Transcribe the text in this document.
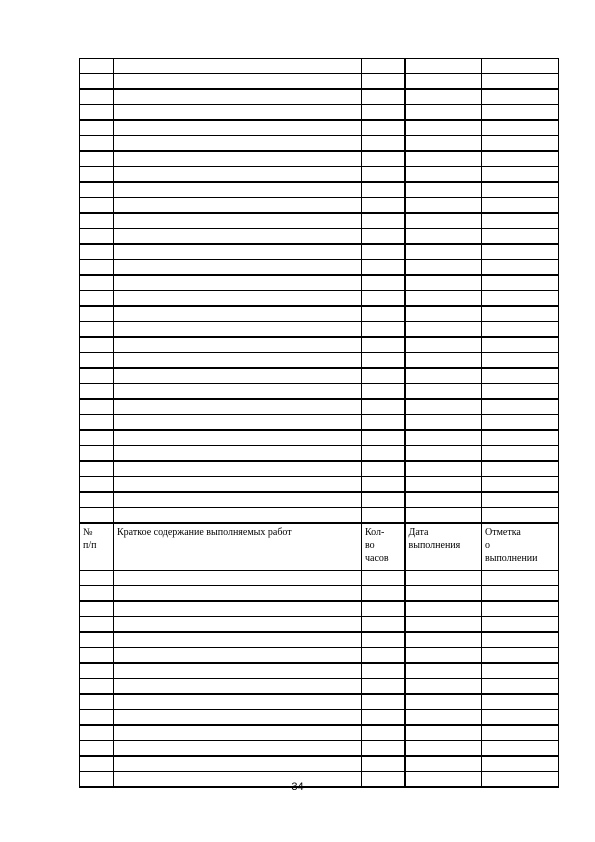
№
п/п	Краткое содержание выполняемых работ	Кол-
во
часов	Дата
выполнения	Отметка
о
выполнении

34
